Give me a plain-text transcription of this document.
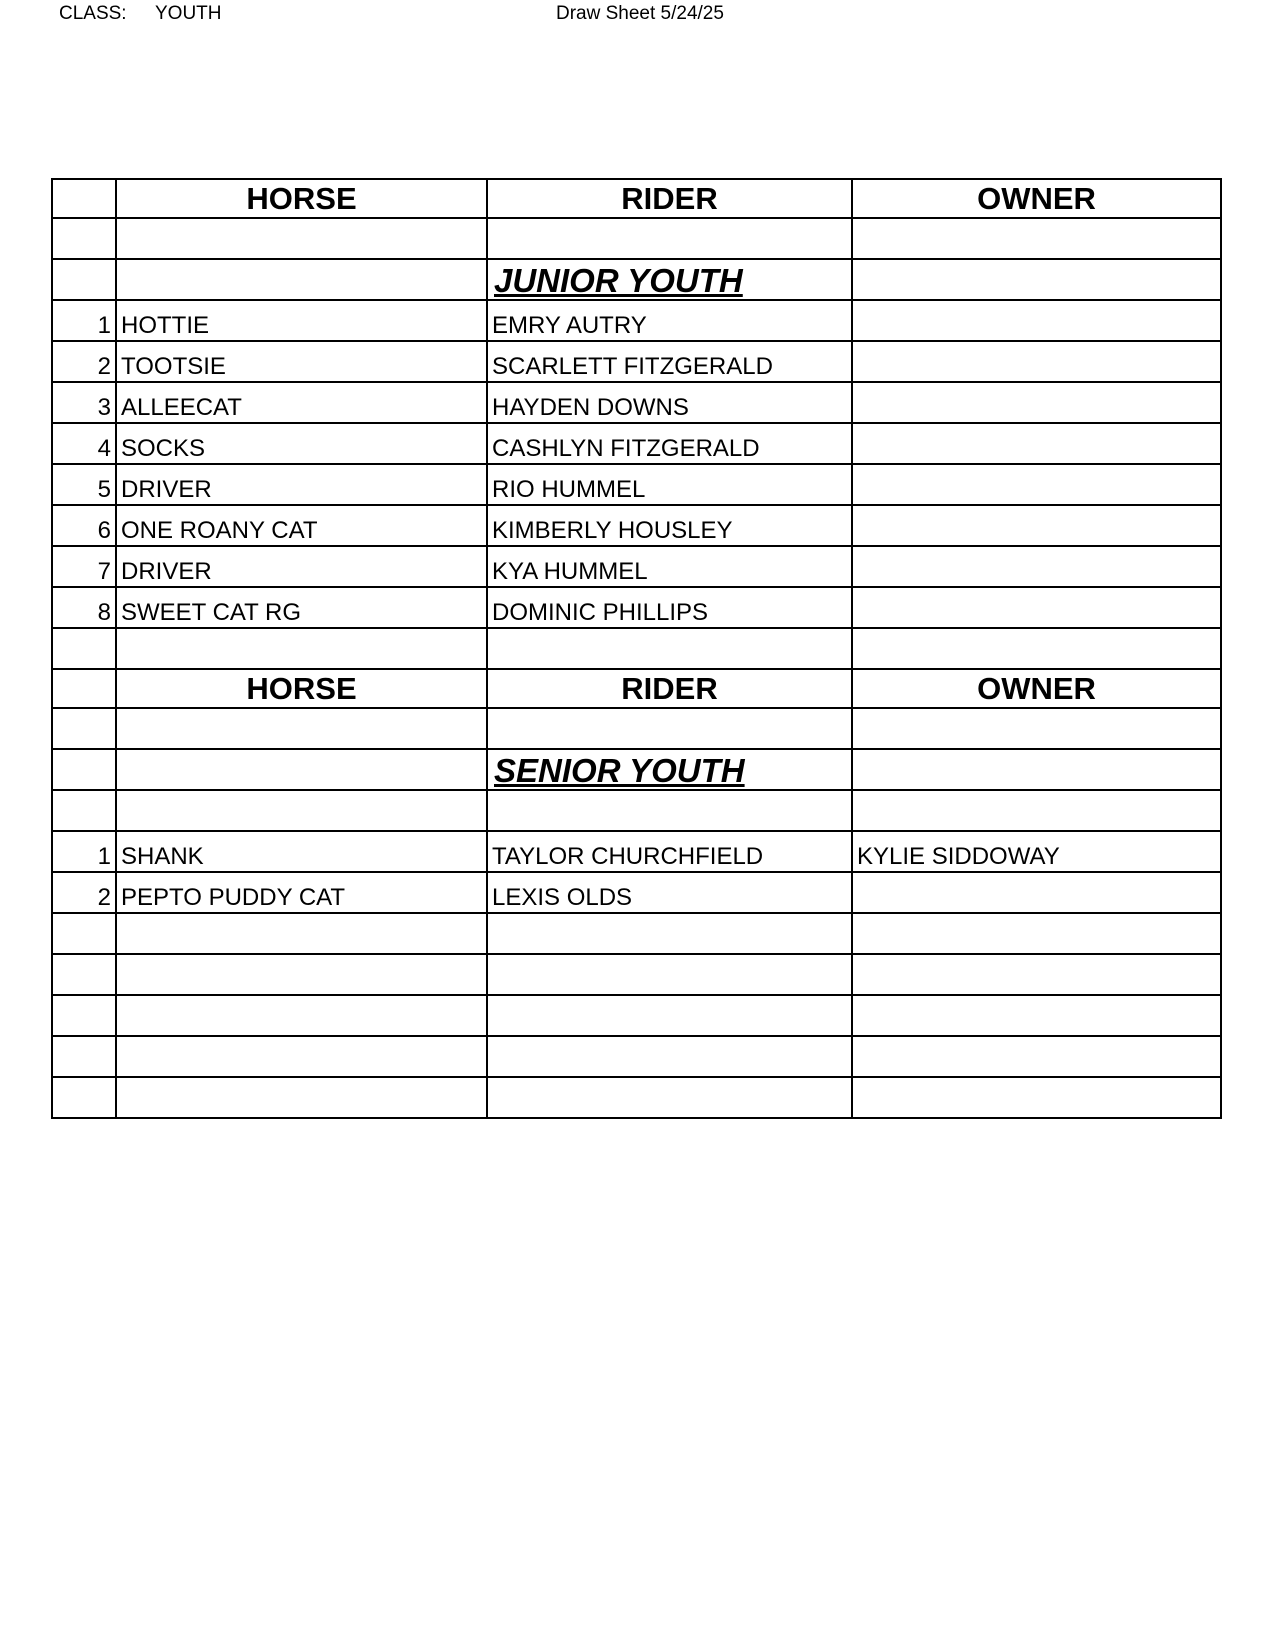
CLASS: YOUTH	Draw Sheet 5/24/25
	HORSE	RIDER	OWNER

		JUNIOR YOUTH	
1	HOTTIE	EMRY AUTRY	
2	TOOTSIE	SCARLETT FITZGERALD	
3	ALLEECAT	HAYDEN DOWNS	
4	SOCKS	CASHLYN FITZGERALD	
5	DRIVER	RIO HUMMEL	
6	ONE ROANY CAT	KIMBERLY HOUSLEY	
7	DRIVER	KYA HUMMEL	
8	SWEET CAT RG	DOMINIC PHILLIPS	

	HORSE	RIDER	OWNER

		SENIOR YOUTH	

1	SHANK	TAYLOR CHURCHFIELD	KYLIE SIDDOWAY
2	PEPTO PUDDY CAT	LEXIS OLDS	
